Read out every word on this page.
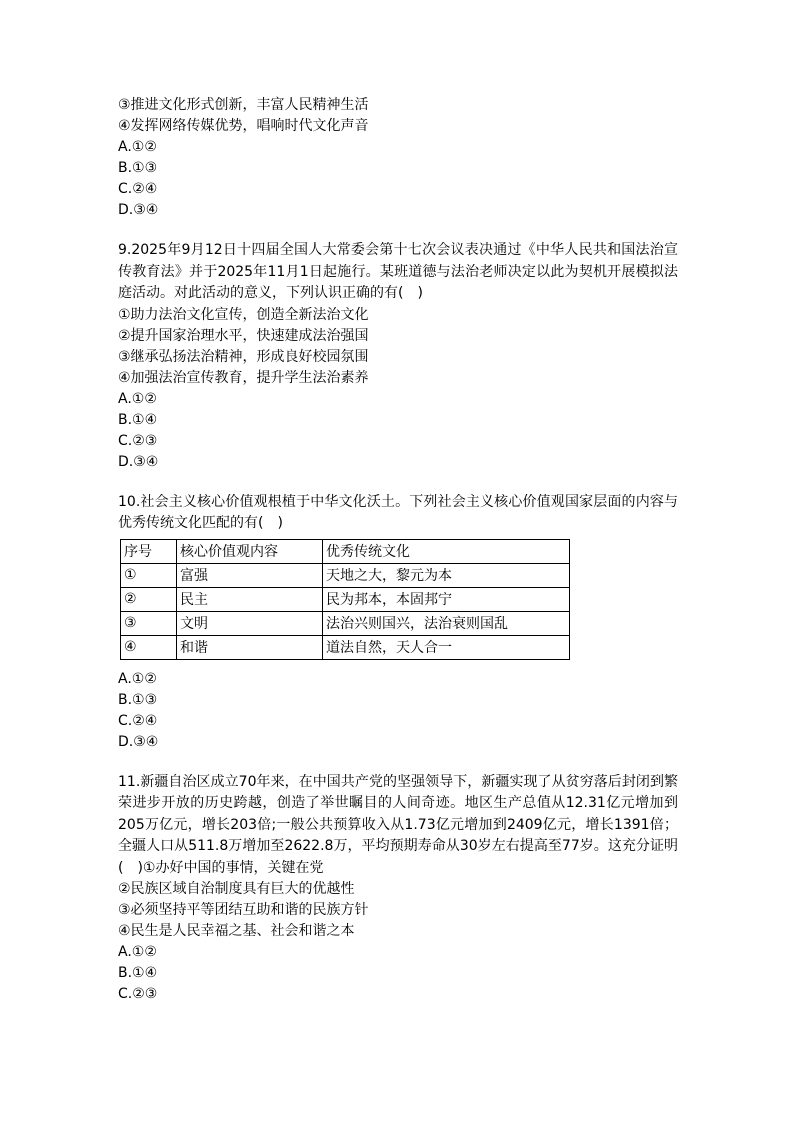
③推进文化形式创新，丰富人民精神生活
④发挥网络传媒优势，唱响时代文化声音
A.①②
B.①③
C.②④
D.③④
9.2025年9月12日十四届全国人大常委会第十七次会议表决通过《中华人民共和国法治宣传教育法》并于2025年11月1日起施行。某班道德与法治老师决定以此为契机开展模拟法庭活动。对此活动的意义，下列认识正确的有(　)
①助力法治文化宣传，创造全新法治文化
②提升国家治理水平，快速建成法治强国
③继承弘扬法治精神，形成良好校园氛围
④加强法治宣传教育，提升学生法治素养
A.①②
B.①④
C.②③
D.③④
10.社会主义核心价值观根植于中华文化沃土。下列社会主义核心价值观国家层面的内容与优秀传统文化匹配的有(　)
序号	核心价值观内容	优秀传统文化
①	富强	天地之大，黎元为本
②	民主	民为邦本，本固邦宁
③	文明	法治兴则国兴，法治衰则国乱
④	和谐	道法自然，天人合一
A.①②
B.①③
C.②④
D.③④
11.新疆自治区成立70年来，在中国共产党的坚强领导下，新疆实现了从贫穷落后封闭到繁荣进步开放的历史跨越，创造了举世瞩目的人间奇迹。地区生产总值从12.31亿元增加到205万亿元，增长203倍;一般公共预算收入从1.73亿元增加到2409亿元，增长1391倍；全疆人口从511.8万增加至2622.8万，平均预期寿命从30岁左右提高至77岁。这充分证明(　)①办好中国的事情，关键在党
②民族区域自治制度具有巨大的优越性
③必须坚持平等团结互助和谐的民族方针
④民生是人民幸福之基、社会和谐之本
A.①②
B.①④
C.②③
